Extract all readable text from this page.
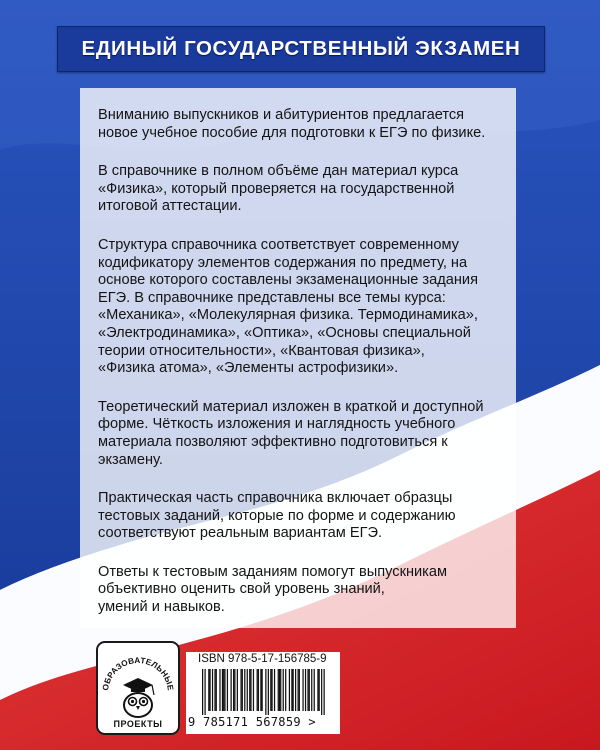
ЕДИНЫЙ ГОСУДАРСТВЕННЫЙ ЭКЗАМЕН

Вниманию выпускников и абитуриентов предлагается
новое учебное пособие для подготовки к ЕГЭ по физике.

В справочнике в полном объёме дан материал курса
«Физика», который проверяется на государственной
итоговой аттестации.

Структура справочника соответствует современному
кодификатору элементов содержания по предмету, на
основе которого составлены экзаменационные задания
ЕГЭ. В справочнике представлены все темы курса:
«Механика», «Молекулярная физика. Термодинамика»,
«Электродинамика», «Оптика», «Основы специальной
теории относительности», «Квантовая физика»,
«Физика атома», «Элементы астрофизики».

Теоретический материал изложен в краткой и доступной
форме. Чёткость изложения и наглядность учебного
материала позволяют эффективно подготовиться к
экзамену.

Практическая часть справочника включает образцы
тестовых заданий, которые по форме и содержанию
соответствуют реальным вариантам ЕГЭ.

Ответы к тестовым заданиям помогут выпускникам
объективно оценить свой уровень знаний,
умений и навыков.

ОБРАЗОВАТЕЛЬНЫЕ
ПРОЕКТЫ
ISBN 978-5-17-156785-9
9 785171 567859 >
